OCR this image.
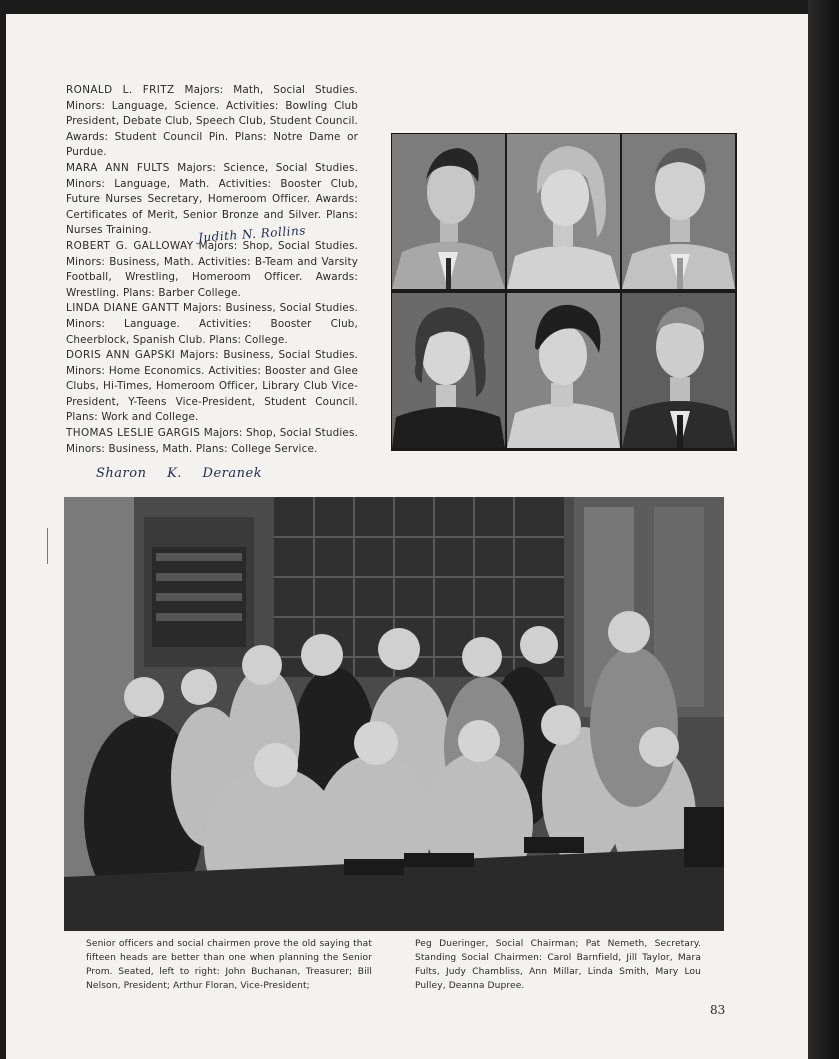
RONALD L. FRITZ Majors: Math, Social Studies. Minors: Language, Science. Activities: Bowling Club President, Debate Club, Speech Club, Student Council. Awards: Student Council Pin. Plans: Notre Dame or Purdue.

MARA ANN FULTS Majors: Science, Social Studies. Minors: Language, Math. Activities: Booster Club, Future Nurses Secretary, Homeroom Officer. Awards: Certificates of Merit, Senior Bronze and Silver. Plans: Nurses Training.

ROBERT G. GALLOWAY Majors: Shop, Social Studies. Minors: Business, Math. Activities: B-Team and Varsity Football, Wrestling, Homeroom Officer. Awards: Wrestling. Plans: Barber College.

LINDA DIANE GANTT Majors: Business, Social Studies. Minors: Language. Activities: Booster Club, Cheerblock, Spanish Club. Plans: College.

DORIS ANN GAPSKI Majors: Business, Social Studies. Minors: Home Economics. Activities: Booster and Glee Clubs, Hi-Times, Homeroom Officer, Library Club Vice-President, Y-Teens Vice-President, Student Council. Plans: Work and College.

THOMAS LESLIE GARGIS Majors: Shop, Social Studies. Minors: Business, Math. Plans: College Service.

Judith N. Rollins
Sharon K. Deranek
Senior officers and social chairmen prove the old saying that fifteen heads are better than one when planning the Senior Prom. Seated, left to right: John Buchanan, Treasurer; Bill Nelson, President; Arthur Floran, Vice-President;
Peg Dueringer, Social Chairman; Pat Nemeth, Secretary. Standing Social Chairmen: Carol Barnfield, Jill Taylor, Mara Fults, Judy Chambliss, Ann Millar, Linda Smith, Mary Lou Pulley, Deanna Dupree.
83
